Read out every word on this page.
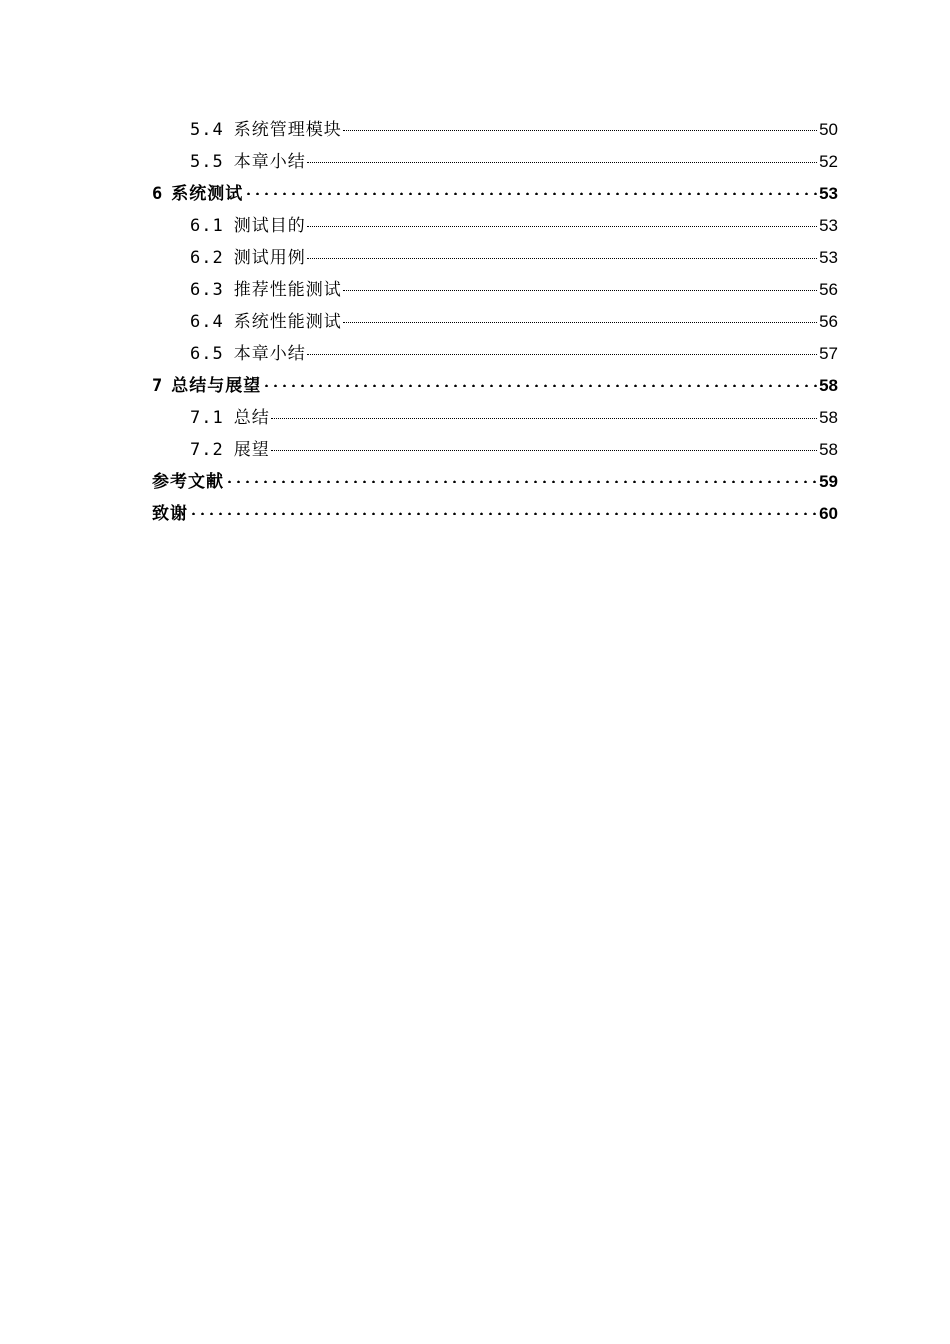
5.4 系统管理模块	50
5.5 本章小结	52
6 系统测试	53
6.1 测试目的	53
6.2 测试用例	53
6.3 推荐性能测试	56
6.4 系统性能测试	56
6.5 本章小结	57
7 总结与展望	58
7.1 总结	58
7.2 展望	58
参考文献	59
致谢	60
